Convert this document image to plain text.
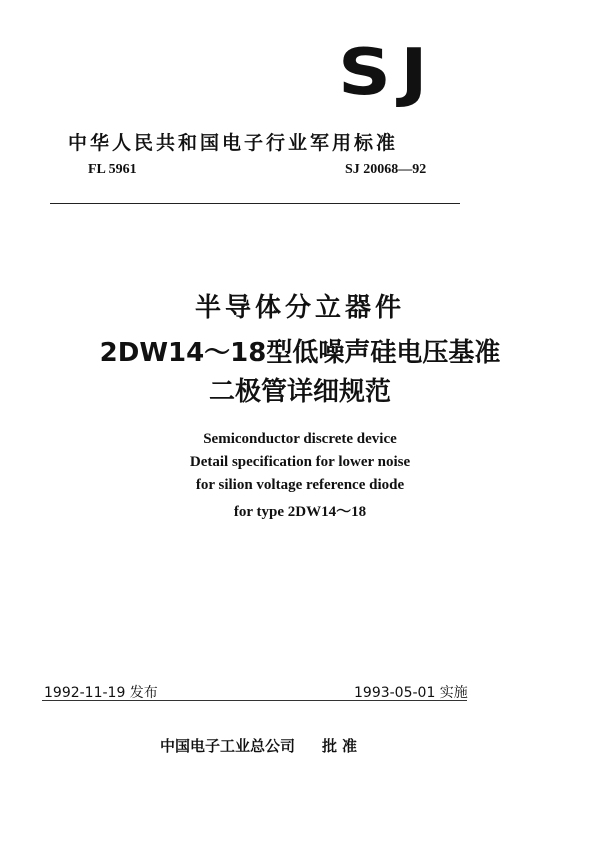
SJ
中华人民共和国电子行业军用标准
FL 5961	SJ 20068—92
半导体分立器件
2DW14～18型低噪声硅电压基准
二极管详细规范
Semiconductor discrete device
Detail specification for lower noise
for silion voltage reference diode
for type 2DW14～18
1992-11-19 发布	1993-05-01 实施
中国电子工业总公司 批准
